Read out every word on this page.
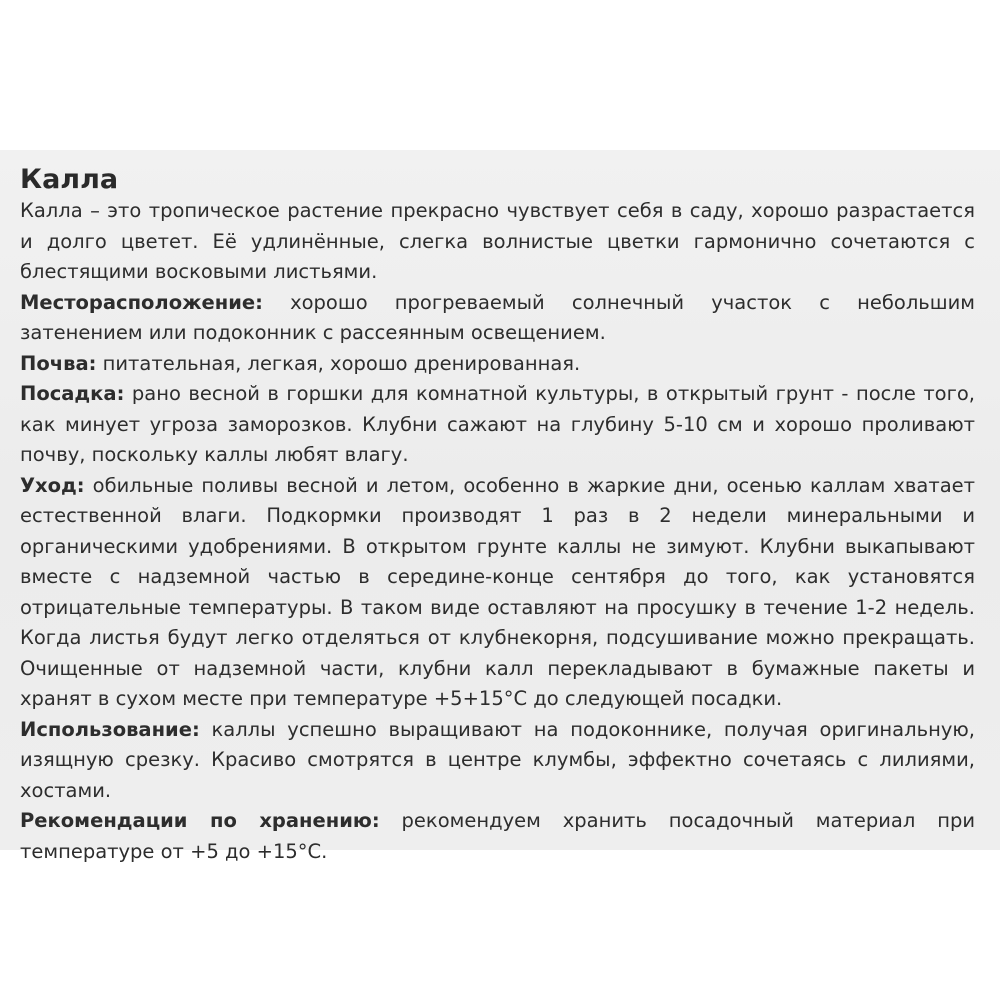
Калла

Калла – это тропическое растение прекрасно чувствует себя в саду, хорошо разрастается и долго цветет. Её удлинённые, слегка волнистые цветки гармонично сочетаются с блестящими восковыми листьями.

Месторасположение: хорошо прогреваемый солнечный участок с небольшим затенением или подоконник с рассеянным освещением.

Почва: питательная, легкая, хорошо дренированная.

Посадка: рано весной в горшки для комнатной культуры, в открытый грунт - после того, как минует угроза заморозков. Клубни сажают на глубину 5-10 см и хорошо проливают почву, поскольку каллы любят влагу.

Уход: обильные поливы весной и летом, особенно в жаркие дни, осенью каллам хватает естественной влаги. Подкормки производят 1 раз в 2 недели минеральными и органическими удобрениями. В открытом грунте каллы не зимуют. Клубни выкапывают вместе с надземной частью в середине-конце сентября до того, как установятся отрицательные температуры. В таком виде оставляют на просушку в течение 1-2 недель. Когда листья будут легко отделяться от клубнекорня, подсушивание можно прекращать. Очищенные от надземной части, клубни калл перекладывают в бумажные пакеты и хранят в сухом месте при температуре +5+15°С до следующей посадки.

Использование: каллы успешно выращивают на подоконнике, получая оригинальную, изящную срезку. Красиво смотрятся в центре клумбы, эффектно сочетаясь с лилиями, хостами.

Рекомендации по хранению: рекомендуем хранить посадочный материал при температуре от +5 до +15°С.
